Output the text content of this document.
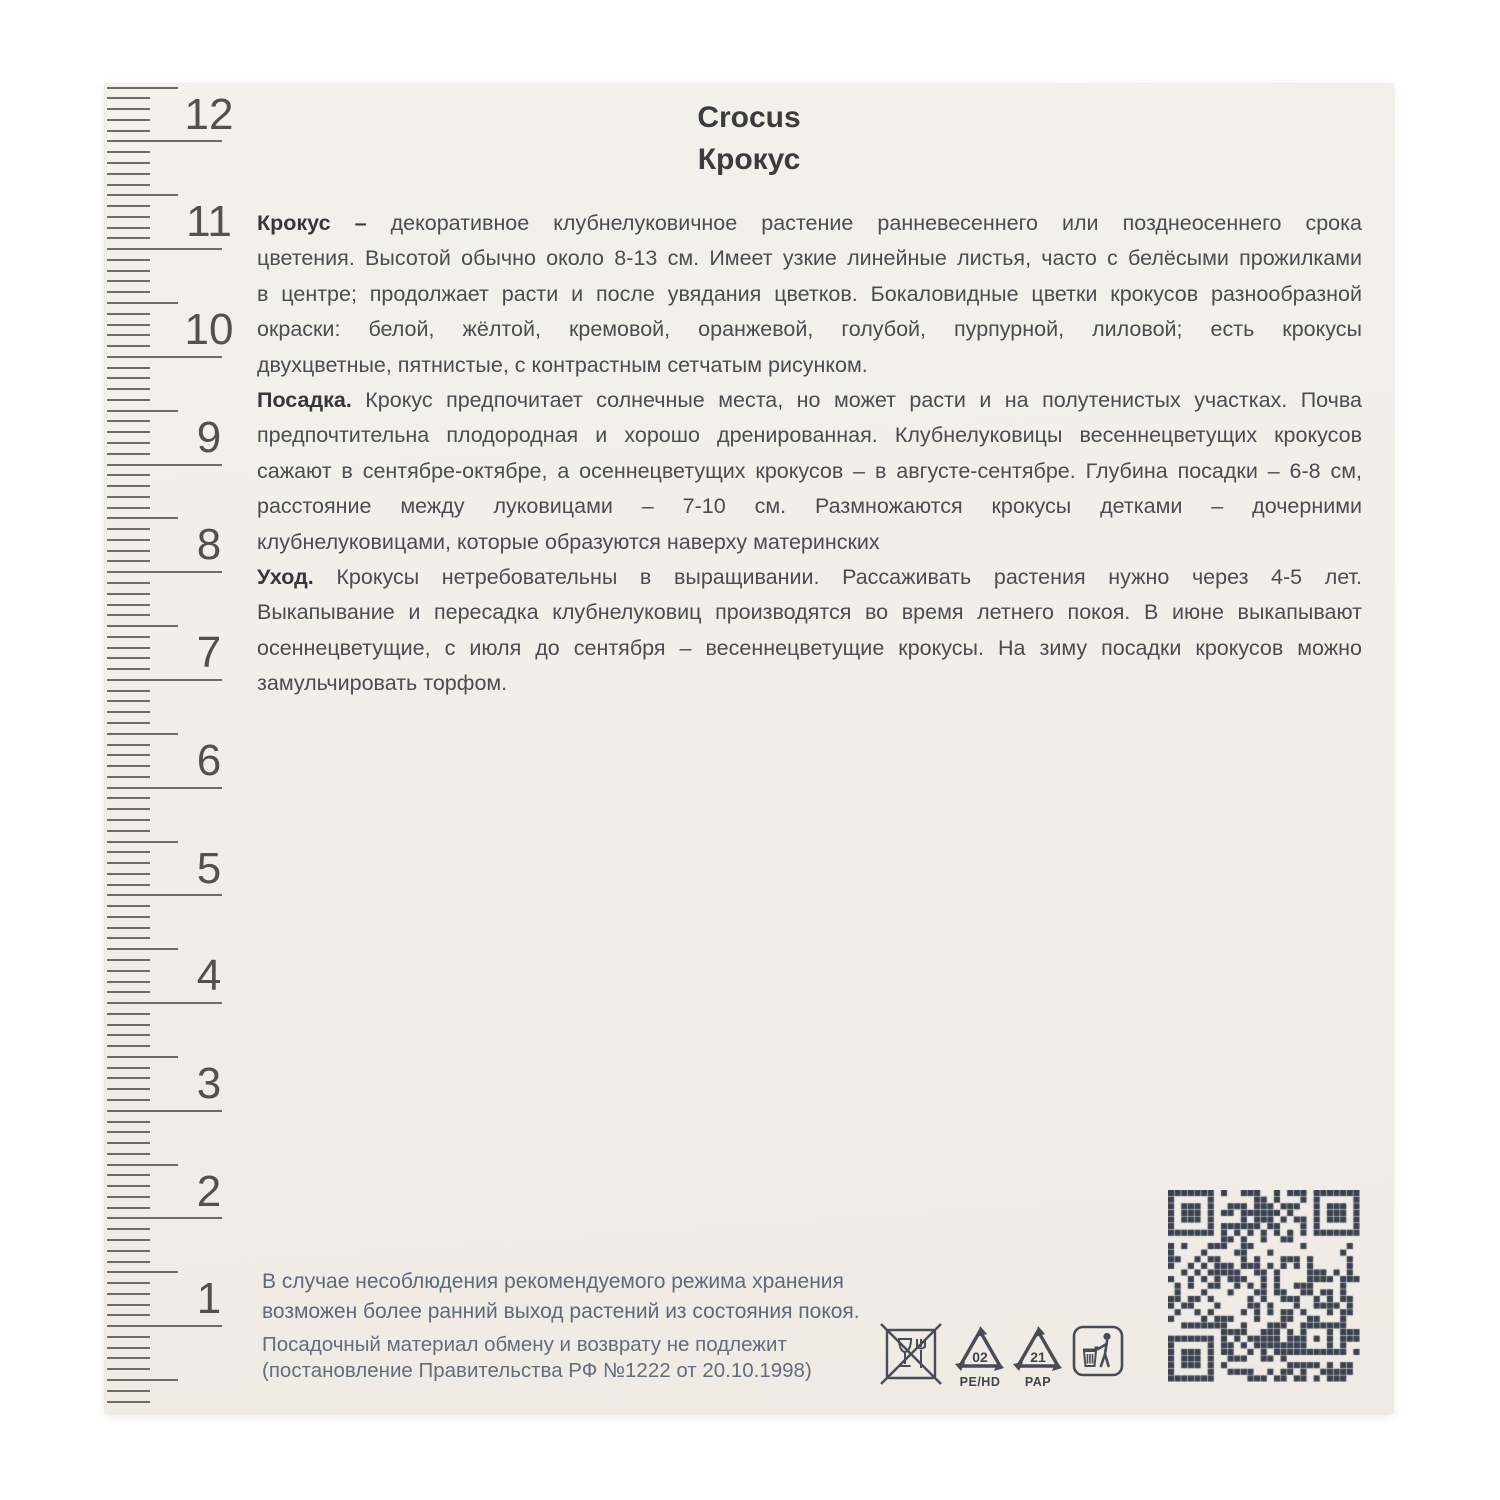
12
11
10
9
8
7
6
5
4
3
2
1
Crocus
Крокус
Крокус – декоративное клубнелуковичное растение ранневесеннего или позднеосеннего срока
цветения. Высотой обычно около 8-13 см. Имеет узкие линейные листья, часто с белёсыми прожилками
в центре; продолжает расти и после увядания цветков. Бокаловидные цветки крокусов разнообразной
окраски: белой, жёлтой, кремовой, оранжевой, голубой, пурпурной, лиловой; есть крокусы
двухцветные, пятнистые, с контрастным сетчатым рисунком.
Посадка. Крокус предпочитает солнечные места, но может расти и на полутенистых участках. Почва
предпочтительна плодородная и хорошо дренированная. Клубнелуковицы весеннецветущих крокусов
сажают в сентябре-октябре, а осеннецветущих крокусов – в августе-сентябре. Глубина посадки – 6-8 см,
расстояние между луковицами – 7-10 см. Размножаются крокусы детками – дочерними
клубнелуковицами, которые образуются наверху материнских
Уход. Крокусы нетребовательны в выращивании. Рассаживать растения нужно через 4-5 лет.
Выкапывание и пересадка клубнелуковиц производятся во время летнего покоя. В июне выкапывают
осеннецветущие, с июля до сентября – весеннецветущие крокусы. На зиму посадки крокусов можно
замульчировать торфом.
В случае несоблюдения рекомендуемого режима хранения
возможен более ранний выход растений из состояния покоя.
Посадочный материал обмену и возврату не подлежит
(постановление Правительства РФ №1222 от 20.10.1998)
02
PE/HD
21
PAP
